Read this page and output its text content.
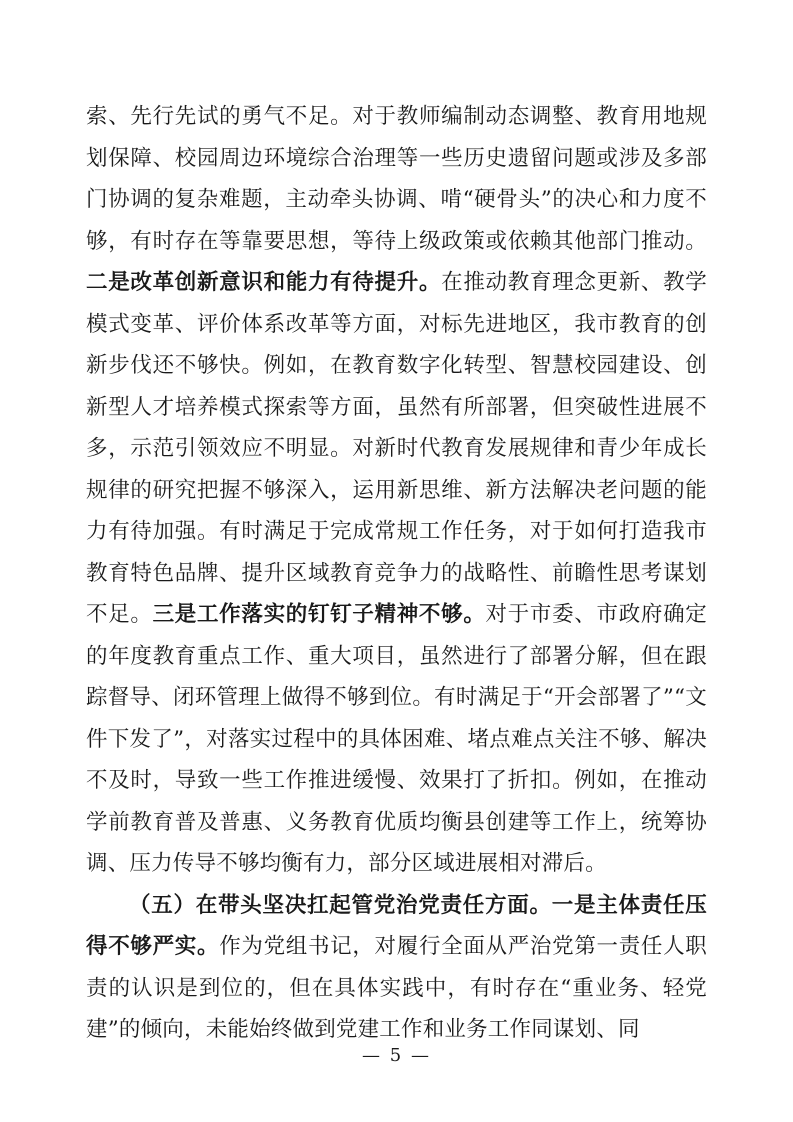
索、先行先试的勇气不足。对于教师编制动态调整、教育用地规划保障、校园周边环境综合治理等一些历史遗留问题或涉及多部门协调的复杂难题，主动牵头协调、啃“硬骨头”的决心和力度不够，有时存在等靠要思想，等待上级政策或依赖其他部门推动。二是改革创新意识和能力有待提升。在推动教育理念更新、教学模式变革、评价体系改革等方面，对标先进地区，我市教育的创新步伐还不够快。例如，在教育数字化转型、智慧校园建设、创新型人才培养模式探索等方面，虽然有所部署，但突破性进展不多，示范引领效应不明显。对新时代教育发展规律和青少年成长规律的研究把握不够深入，运用新思维、新方法解决老问题的能力有待加强。有时满足于完成常规工作任务，对于如何打造我市教育特色品牌、提升区域教育竞争力的战略性、前瞻性思考谋划不足。三是工作落实的钉钉子精神不够。对于市委、市政府确定的年度教育重点工作、重大项目，虽然进行了部署分解，但在跟踪督导、闭环管理上做得不够到位。有时满足于“开会部署了”“文件下发了”，对落实过程中的具体困难、堵点难点关注不够、解决不及时，导致一些工作推进缓慢、效果打了折扣。例如，在推动学前教育普及普惠、义务教育优质均衡县创建等工作上，统筹协调、压力传导不够均衡有力，部分区域进展相对滞后。

（五）在带头坚决扛起管党治党责任方面。一是主体责任压得不够严实。作为党组书记，对履行全面从严治党第一责任人职责的认识是到位的，但在具体实践中，有时存在“重业务、轻党建”的倾向，未能始终做到党建工作和业务工作同谋划、同

— 5 —
